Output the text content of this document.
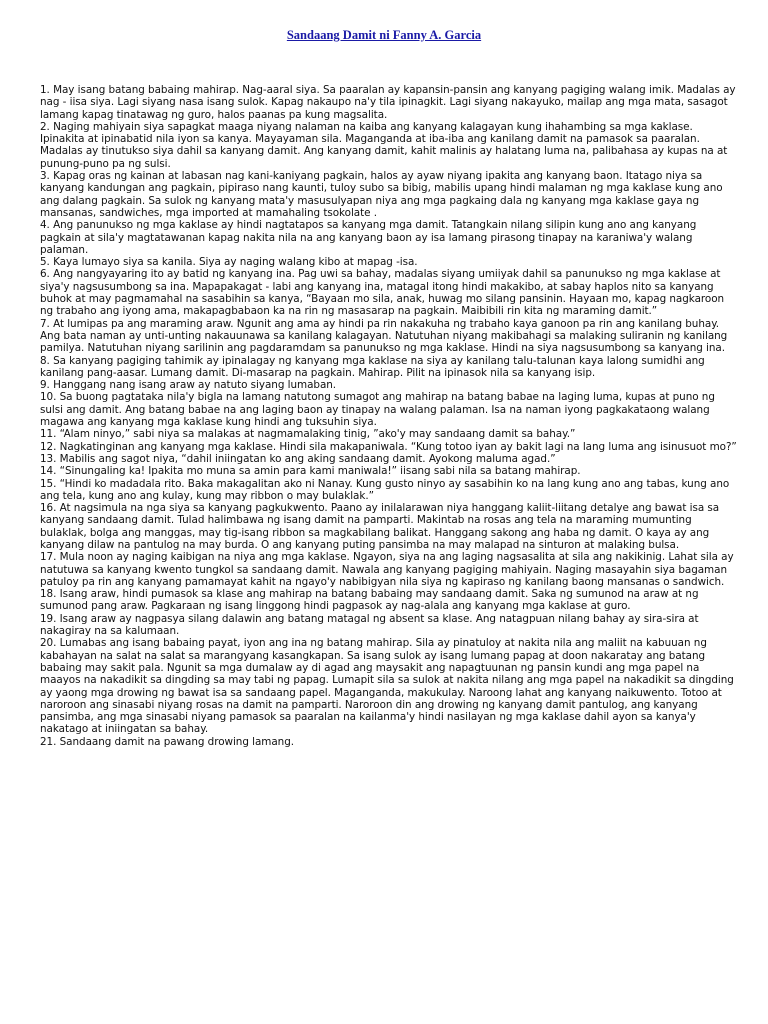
Sandaang Damit ni Fanny A. Garcia

1. May isang batang babaing mahirap. Nag-aaral siya. Sa paaralan ay kapansin-pansin ang kanyang pagiging walang imik. Madalas ay nag - iisa siya. Lagi siyang nasa isang sulok. Kapag nakaupo na'y tila ipinagkit. Lagi siyang nakayuko, mailap ang mga mata, sasagot lamang kapag tinatawag ng guro, halos paanas pa kung magsalita.

2. Naging mahiyain siya sapagkat maaga niyang nalaman na kaiba ang kanyang kalagayan kung ihahambing sa mga kaklase. Ipinakita at ipinabatid nila iyon sa kanya. Mayayaman sila. Maganganda at iba-iba ang kanilang damit na pamasok sa paaralan. Madalas ay tinutukso siya dahil sa kanyang damit. Ang kanyang damit, kahit malinis ay halatang luma na, palibahasa ay kupas na at punung-puno pa ng sulsi.

3. Kapag oras ng kainan at labasan nag kani-kaniyang pagkain, halos ay ayaw niyang ipakita ang kanyang baon. Itatago niya sa kanyang kandungan ang pagkain, pipiraso nang kaunti, tuloy subo sa bibig, mabilis upang hindi malaman ng mga kaklase kung ano ang dalang pagkain. Sa sulok ng kanyang mata'y masusulyapan niya ang mga pagkaing dala ng kanyang mga kaklase gaya ng mansanas, sandwiches, mga imported at mamahaling tsokolate .

4. Ang panunukso ng mga kaklase ay hindi nagtatapos sa kanyang mga damit. Tatangkain nilang silipin kung ano ang kanyang pagkain at sila'y magtatawanan kapag nakita nila na ang kanyang baon ay isa lamang pirasong tinapay na karaniwa'y walang palaman.

5. Kaya lumayo siya sa kanila. Siya ay naging walang kibo at mapag -isa.

6. Ang nangyayaring ito ay batid ng kanyang ina. Pag uwi sa bahay, madalas siyang umiiyak dahil sa panunukso ng mga kaklase at siya'y nagsusumbong sa ina. Mapapakagat - labi ang kanyang ina, matagal itong hindi makakibo, at sabay haplos nito sa kanyang buhok at may pagmamahal na sasabihin sa kanya, “Bayaan mo sila, anak, huwag mo silang pansinin. Hayaan mo, kapag nagkaroon ng trabaho ang iyong ama, makapagbabaon ka na rin ng masasarap na pagkain. Maibibili rin kita ng maraming damit.”

7. At lumipas pa ang maraming araw. Ngunit ang ama ay hindi pa rin nakakuha ng trabaho kaya ganoon pa rin ang kanilang buhay. Ang bata naman ay unti-unting nakauunawa sa kanilang kalagayan. Natutuhan niyang makibahagi sa malaking suliranin ng kanilang pamilya. Natutuhan niyang sarilinin ang pagdaramdam sa panunukso ng mga kaklase. Hindi na siya nagsusumbong sa kanyang ina.

8. Sa kanyang pagiging tahimik ay ipinalagay ng kanyang mga kaklase na siya ay kanilang talu-talunan kaya lalong sumidhi ang kanilang pang-aasar. Lumang damit. Di-masarap na pagkain. Mahirap. Pilit na ipinasok nila sa kanyang isip.

9. Hanggang nang isang araw ay natuto siyang lumaban.

10. Sa buong pagtataka nila'y bigla na lamang natutong sumagot ang mahirap na batang babae na laging luma, kupas at puno ng sulsi ang damit. Ang batang babae na ang laging baon ay tinapay na walang palaman. Isa na naman iyong pagkakataong walang magawa ang kanyang mga kaklase kung hindi ang tuksuhin siya.

11. “Alam ninyo,” sabi niya sa malakas at nagmamalaking tinig, ”ako'y may sandaang damit sa bahay.”

12. Nagkatinginan ang kanyang mga kaklase. Hindi sila makapaniwala. “Kung totoo iyan ay bakit lagi na lang luma ang isinusuot mo?”

13. Mabilis ang sagot niya, “dahil iniingatan ko ang aking sandaang damit. Ayokong maluma agad.”

14. “Sinungaling ka! Ipakita mo muna sa amin para kami maniwala!” iisang sabi nila sa batang mahirap.

15. “Hindi ko madadala rito. Baka makagalitan ako ni Nanay. Kung gusto ninyo ay sasabihin ko na lang kung ano ang tabas, kung ano ang tela, kung ano ang kulay, kung may ribbon o may bulaklak.”

16. At nagsimula na nga siya sa kanyang pagkukwento. Paano ay inilalarawan niya hanggang kaliit-liitang detalye ang bawat isa sa kanyang sandaang damit. Tulad halimbawa ng isang damit na pamparti. Makintab na rosas ang tela na maraming mumunting bulaklak, bolga ang manggas, may tig-isang ribbon sa magkabilang balikat. Hanggang sakong ang haba ng damit. O kaya ay ang kanyang dilaw na pantulog na may burda. O ang kanyang puting pansimba na may malapad na sinturon at malaking bulsa.

17. Mula noon ay naging kaibigan na niya ang mga kaklase. Ngayon, siya na ang laging nagsasalita at sila ang nakikinig. Lahat sila ay natutuwa sa kanyang kwento tungkol sa sandaang damit. Nawala ang kanyang pagiging mahiyain. Naging masayahin siya bagaman patuloy pa rin ang kanyang pamamayat kahit na ngayo'y nabibigyan nila siya ng kapiraso ng kanilang baong mansanas o sandwich.

18. Isang araw, hindi pumasok sa klase ang mahirap na batang babaing may sandaang damit. Saka ng sumunod na araw at ng sumunod pang araw. Pagkaraan ng isang linggong hindi pagpasok ay nag-alala ang kanyang mga kaklase at guro.

19. Isang araw ay nagpasya silang dalawin ang batang matagal ng absent sa klase. Ang natagpuan nilang bahay ay sira-sira at nakagiray na sa kalumaan.

20. Lumabas ang isang babaing payat, iyon ang ina ng batang mahirap. Sila ay pinatuloy at nakita nila ang maliit na kabuuan ng kabahayan na salat na salat sa marangyang kasangkapan. Sa isang sulok ay isang lumang papag at doon nakaratay ang batang babaing may sakit pala. Ngunit sa mga dumalaw ay di agad ang maysakit ang napagtuunan ng pansin kundi ang mga papel na maayos na nakadikit sa dingding sa may tabi ng papag. Lumapit sila sa sulok at nakita nilang ang mga papel na nakadikit sa dingding ay yaong mga drowing ng bawat isa sa sandaang papel. Maganganda, makukulay. Naroong lahat ang kanyang naikuwento. Totoo at naroroon ang sinasabi niyang rosas na damit na pamparti. Naroroon din ang drowing ng kanyang damit pantulog, ang kanyang pansimba, ang mga sinasabi niyang pamasok sa paaralan na kailanma'y hindi nasilayan ng mga kaklase dahil ayon sa kanya'y nakatago at iniingatan sa bahay.

21. Sandaang damit na pawang drowing lamang.
